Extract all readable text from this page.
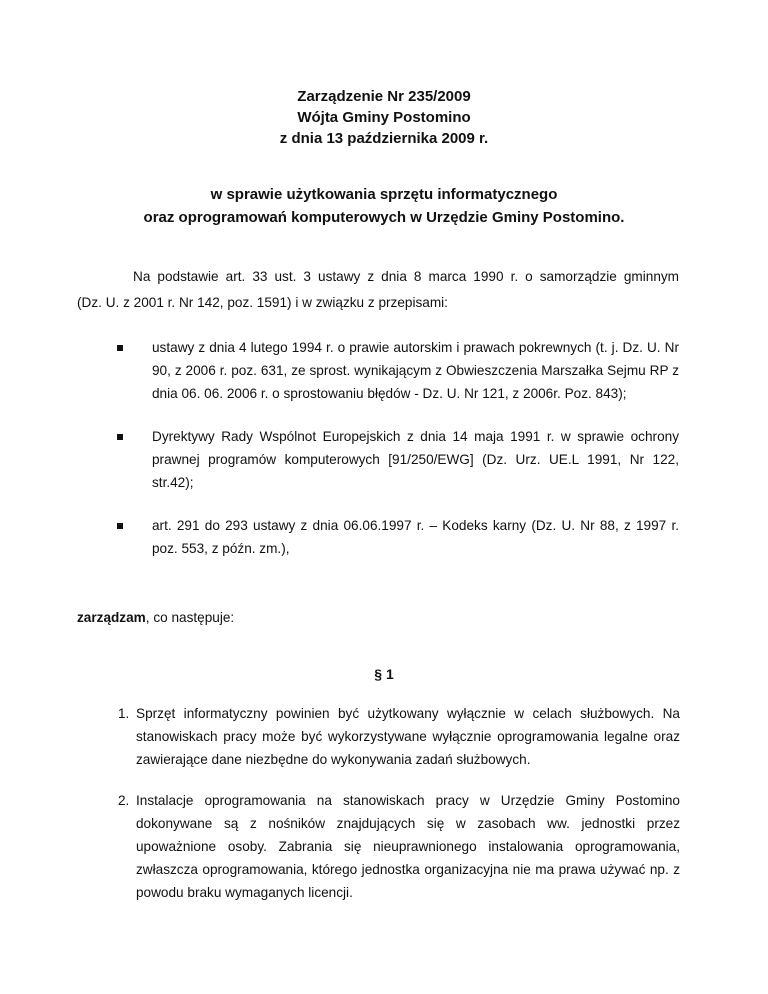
Zarządzenie Nr 235/2009
Wójta Gminy Postomino
z dnia 13 października 2009 r.
w sprawie użytkowania sprzętu informatycznego
oraz oprogramowań komputerowych w Urzędzie Gminy Postomino.
Na podstawie art. 33 ust. 3 ustawy z dnia 8 marca 1990 r. o samorządzie gminnym
(Dz. U. z 2001 r. Nr 142, poz. 1591) i w związku z przepisami:
ustawy z dnia 4 lutego 1994 r. o prawie autorskim i prawach pokrewnych (t. j. Dz. U. Nr 90, z 2006 r. poz. 631, ze sprost. wynikającym z Obwieszczenia Marszałka Sejmu RP z dnia 06. 06. 2006 r. o sprostowaniu błędów - Dz. U. Nr 121, z 2006r. Poz. 843);
Dyrektywy Rady Wspólnot Europejskich z dnia 14 maja 1991 r. w sprawie ochrony prawnej programów komputerowych [91/250/EWG] (Dz. Urz. UE.L 1991, Nr 122, str.42);
art. 291 do 293 ustawy z dnia 06.06.1997 r. – Kodeks karny (Dz. U. Nr 88, z 1997 r. poz. 553, z późn. zm.),
zarządzam, co następuje:
§ 1
1. Sprzęt informatyczny powinien być użytkowany wyłącznie w celach służbowych. Na stanowiskach pracy może być wykorzystywane wyłącznie oprogramowania legalne oraz zawierające dane niezbędne do wykonywania zadań służbowych.
2. Instalacje oprogramowania na stanowiskach pracy w Urzędzie Gminy Postomino dokonywane są z nośników znajdujących się w zasobach ww. jednostki przez upoważnione osoby. Zabrania się nieuprawnionego instalowania oprogramowania, zwłaszcza oprogramowania, którego jednostka organizacyjna nie ma prawa używać np. z powodu braku wymaganych licencji.
